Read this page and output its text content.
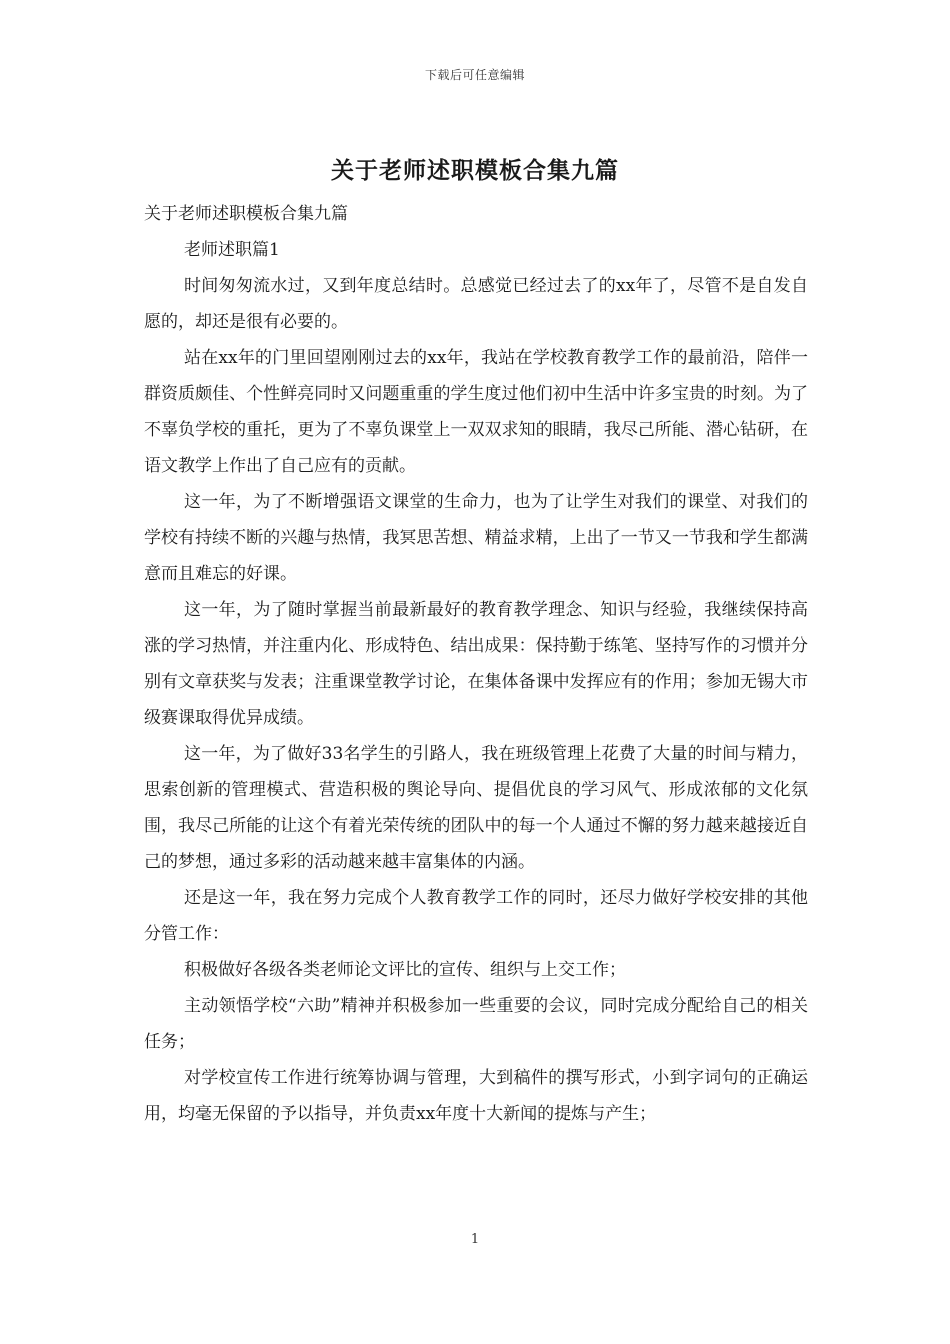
下载后可任意编辑
关于老师述职模板合集九篇

关于老师述职模板合集九篇

老师述职篇1

时间匆匆流水过，又到年度总结时。总感觉已经过去了的xx年了，尽管不是自发自愿的，却还是很有必要的。

站在xx年的门里回望刚刚过去的xx年，我站在学校教育教学工作的最前沿，陪伴一群资质颇佳、个性鲜亮同时又问题重重的学生度过他们初中生活中许多宝贵的时刻。为了不辜负学校的重托，更为了不辜负课堂上一双双求知的眼睛，我尽己所能、潜心钻研，在语文教学上作出了自己应有的贡献。

这一年，为了不断增强语文课堂的生命力，也为了让学生对我们的课堂、对我们的学校有持续不断的兴趣与热情，我冥思苦想、精益求精，上出了一节又一节我和学生都满意而且难忘的好课。

这一年，为了随时掌握当前最新最好的教育教学理念、知识与经验，我继续保持高涨的学习热情，并注重内化、形成特色、结出成果：保持勤于练笔、坚持写作的习惯并分别有文章获奖与发表；注重课堂教学讨论，在集体备课中发挥应有的作用；参加无锡大市级赛课取得优异成绩。

这一年，为了做好33名学生的引路人，我在班级管理上花费了大量的时间与精力，思索创新的管理模式、营造积极的舆论导向、提倡优良的学习风气、形成浓郁的文化氛围，我尽己所能的让这个有着光荣传统的团队中的每一个人通过不懈的努力越来越接近自己的梦想，通过多彩的活动越来越丰富集体的内涵。

还是这一年，我在努力完成个人教育教学工作的同时，还尽力做好学校安排的其他分管工作：

积极做好各级各类老师论文评比的宣传、组织与上交工作；

主动领悟学校“六助”精神并积极参加一些重要的会议，同时完成分配给自己的相关任务；

对学校宣传工作进行统筹协调与管理，大到稿件的撰写形式，小到字词句的正确运用，均毫无保留的予以指导，并负责xx年度十大新闻的提炼与产生；

1
